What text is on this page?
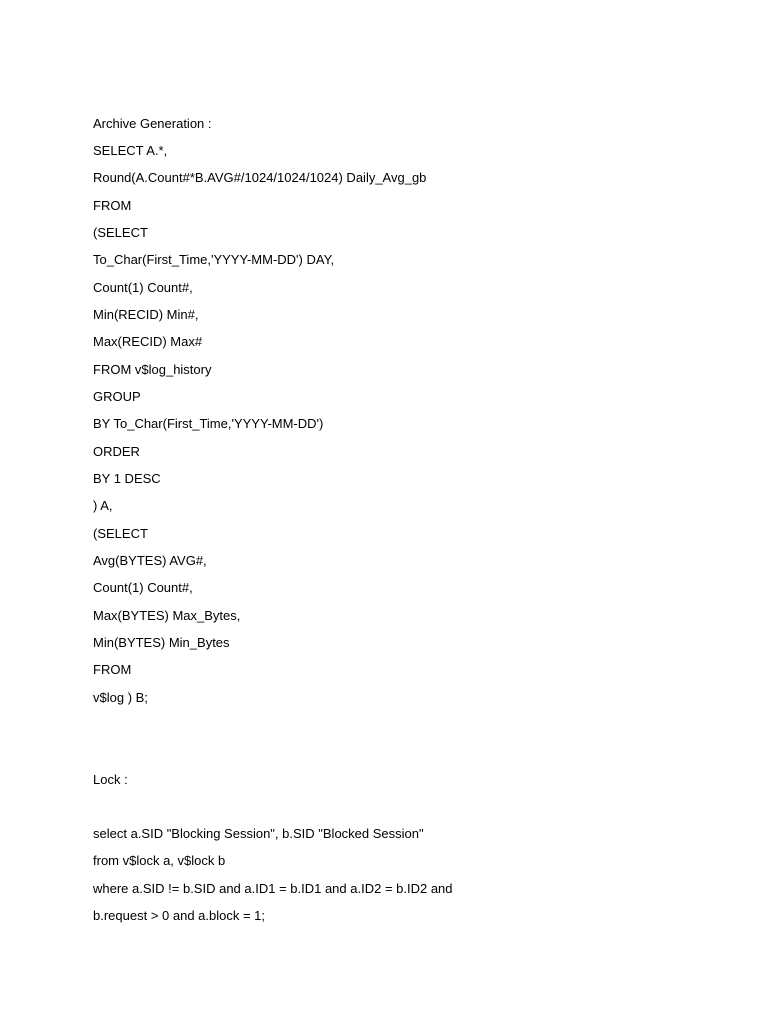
Archive Generation :
SELECT A.*,
Round(A.Count#*B.AVG#/1024/1024/1024) Daily_Avg_gb
FROM
(SELECT
To_Char(First_Time,'YYYY-MM-DD') DAY,
Count(1) Count#,
Min(RECID) Min#,
Max(RECID) Max#
FROM v$log_history
GROUP
BY To_Char(First_Time,'YYYY-MM-DD')
ORDER
BY 1 DESC
) A,
(SELECT
Avg(BYTES) AVG#,
Count(1) Count#,
Max(BYTES) Max_Bytes,
Min(BYTES) Min_Bytes
FROM
v$log ) B;
Lock :
select a.SID "Blocking Session", b.SID "Blocked Session"
from v$lock a, v$lock b
where a.SID != b.SID and a.ID1 = b.ID1 and a.ID2 = b.ID2 and
b.request > 0 and a.block = 1;
